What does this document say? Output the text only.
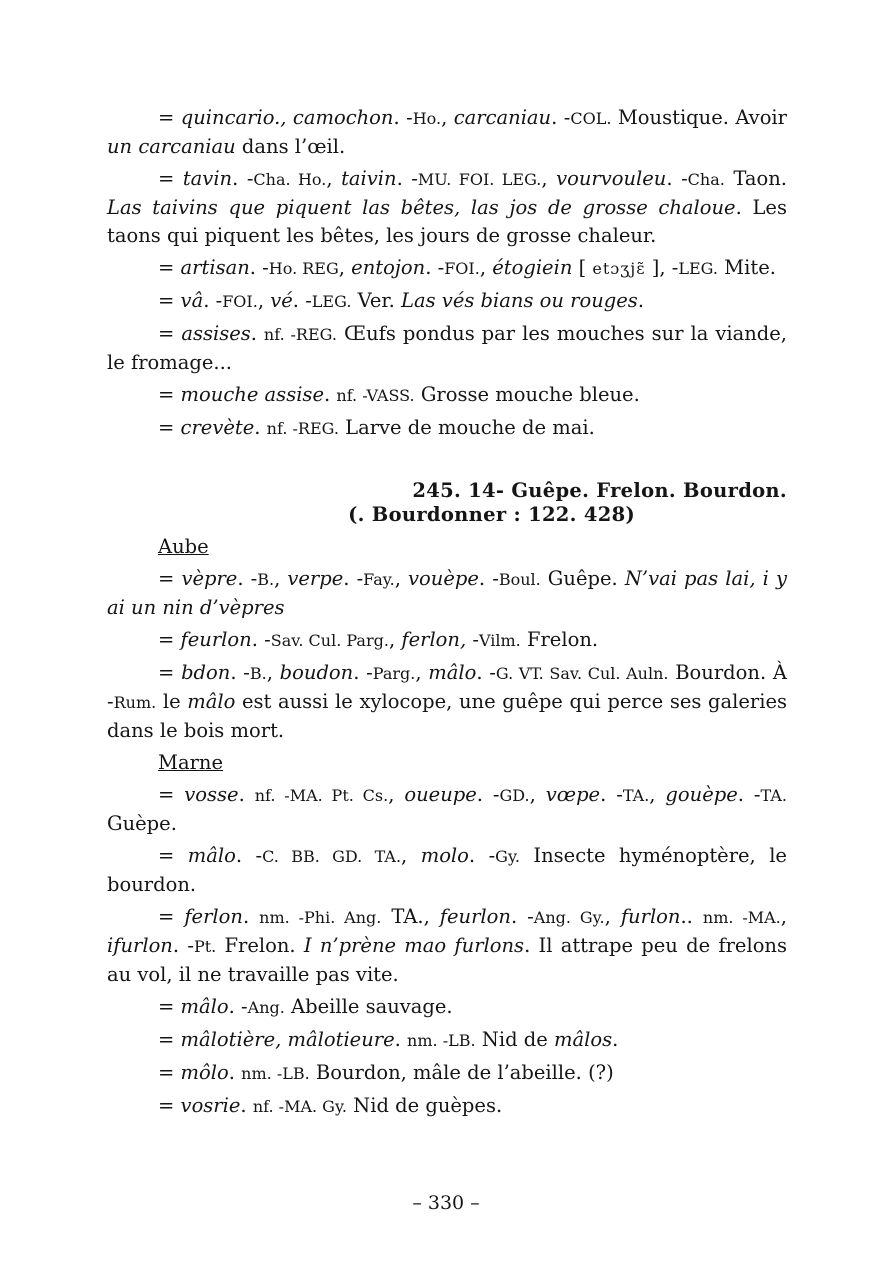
= quincario., camochon. -Ho., carcaniau. -COL. Moustique. Avoir un carcaniau dans l’œil.

= tavin. -Cha. Ho., taivin. -MU. FOI. LEG., vourvouleu. -Cha. Taon. Las taivins que piquent las bêtes, las jos de grosse chaloue. Les taons qui piquent les bêtes, les jours de grosse chaleur.

= artisan. -Ho. REG, entojon. -FOI., étogiein [ etɔʒjɛ̃ ], -LEG. Mite.

= vâ. -FOI., vé. -LEG. Ver. Las vés bians ou rouges.

= assises. nf. -REG. Œufs pondus par les mouches sur la viande, le fromage...

= mouche assise. nf. -VASS. Grosse mouche bleue.

= crevète. nf. -REG. Larve de mouche de mai.

245. 14- Guêpe. Frelon. Bourdon.
(. Bourdonner : 122. 428)
Aube

= vèpre. -B., verpe. -Fay., vouèpe. -Boul. Guêpe. N’vai pas lai, i y ai un nin d’vèpres

= feurlon. -Sav. Cul. Parg., ferlon, -Vilm. Frelon.

= bdon. -B., boudon. -Parg., mâlo. -G. VT. Sav. Cul. Auln. Bourdon. À -Rum. le mâlo est aussi le xylocope, une guêpe qui perce ses galeries dans le bois mort.

Marne

= vosse. nf. -MA. Pt. Cs., oueupe. -GD., vœpe. -TA., gouèpe. -TA. Guèpe.

= mâlo. -C. BB. GD. TA., molo. -Gy. Insecte hyménoptère, le bourdon.

= ferlon. nm. -Phi. Ang. TA., feurlon. -Ang. Gy., furlon.. nm. -MA., ifurlon. -Pt. Frelon. I n’prène mao furlons. Il attrape peu de frelons au vol, il ne travaille pas vite.

= mâlo. -Ang. Abeille sauvage.

= mâlotière, mâlotieure. nm. -LB. Nid de mâlos.

= môlo. nm. -LB. Bourdon, mâle de l’abeille. (?)

= vosrie. nf. -MA. Gy. Nid de guèpes.

– 330 –
